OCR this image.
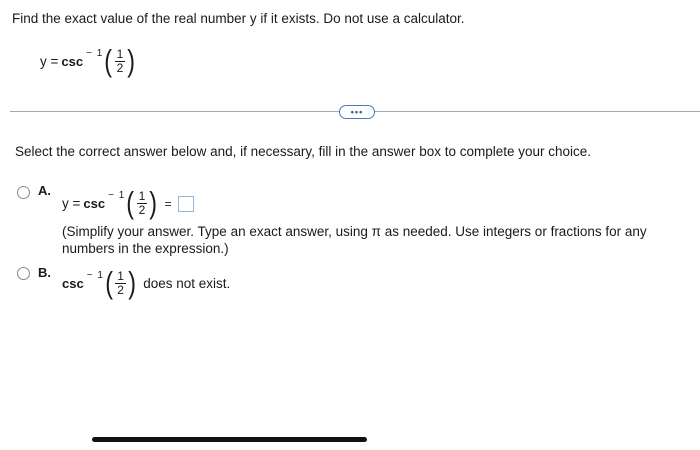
Find the exact value of the real number y if it exists. Do not use a calculator.
y = csc
− 1 ( $\frac{1}{2}$ )
•••
Select the correct answer below and, if necessary, fill in the answer box to complete your choice.
A.
y = csc
− 1 ( $\frac{1}{2}$ ) =
(Simplify your answer. Type an exact answer, using π as needed. Use integers or fractions for any numbers in the expression.)
B.
csc
− 1 ( $\frac{1}{2}$ ) does not exist.
